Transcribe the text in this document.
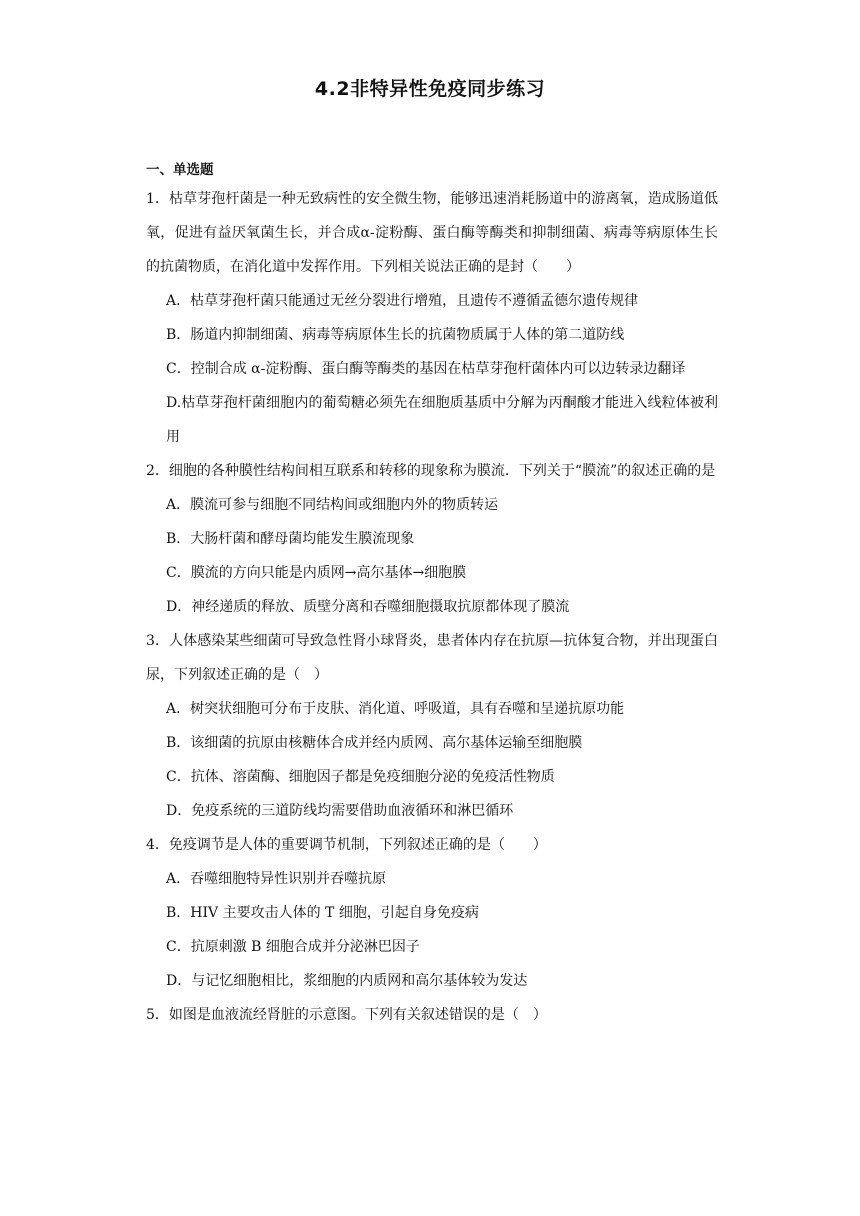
4.2非特异性免疫同步练习
一、单选题

1．枯草芽孢杆菌是一种无致病性的安全微生物，能够迅速消耗肠道中的游离氧，造成肠道低氧，促进有益厌氧菌生长，并合成α-淀粉酶、蛋白酶等酶类和抑制细菌、病毒等病原体生长的抗菌物质，在消化道中发挥作用。下列相关说法正确的是封（　　）

A．枯草芽孢杆菌只能通过无丝分裂进行增殖，且遗传不遵循孟德尔遗传规律

B．肠道内抑制细菌、病毒等病原体生长的抗菌物质属于人体的第二道防线

C．控制合成 α-淀粉酶、蛋白酶等酶类的基因在枯草芽孢杆菌体内可以边转录边翻译

D.枯草芽孢杆菌细胞内的葡萄糖必须先在细胞质基质中分解为丙酮酸才能进入线粒体被利用

2．细胞的各种膜性结构间相互联系和转移的现象称为膜流．下列关于“膜流”的叙述正确的是

A．膜流可参与细胞不同结构间或细胞内外的物质转运

B．大肠杆菌和酵母菌均能发生膜流现象

C．膜流的方向只能是内质网→高尔基体→细胞膜

D．神经递质的释放、质壁分离和吞噬细胞摄取抗原都体现了膜流

3．人体感染某些细菌可导致急性肾小球肾炎，患者体内存在抗原—抗体复合物，并出现蛋白尿，下列叙述正确的是（　）

A．树突状细胞可分布于皮肤、消化道、呼吸道，具有吞噬和呈递抗原功能

B．该细菌的抗原由核糖体合成并经内质网、高尔基体运输至细胞膜

C．抗体、溶菌酶、细胞因子都是免疫细胞分泌的免疫活性物质

D．免疫系统的三道防线均需要借助血液循环和淋巴循环

4．免疫调节是人体的重要调节机制，下列叙述正确的是（　　）

A．吞噬细胞特异性识别并吞噬抗原

B．HIV 主要攻击人体的 T 细胞，引起自身免疫病

C．抗原刺激 B 细胞合成并分泌淋巴因子

D．与记忆细胞相比，浆细胞的内质网和高尔基体较为发达

5．如图是血液流经肾脏的示意图。下列有关叙述错误的是（　）
